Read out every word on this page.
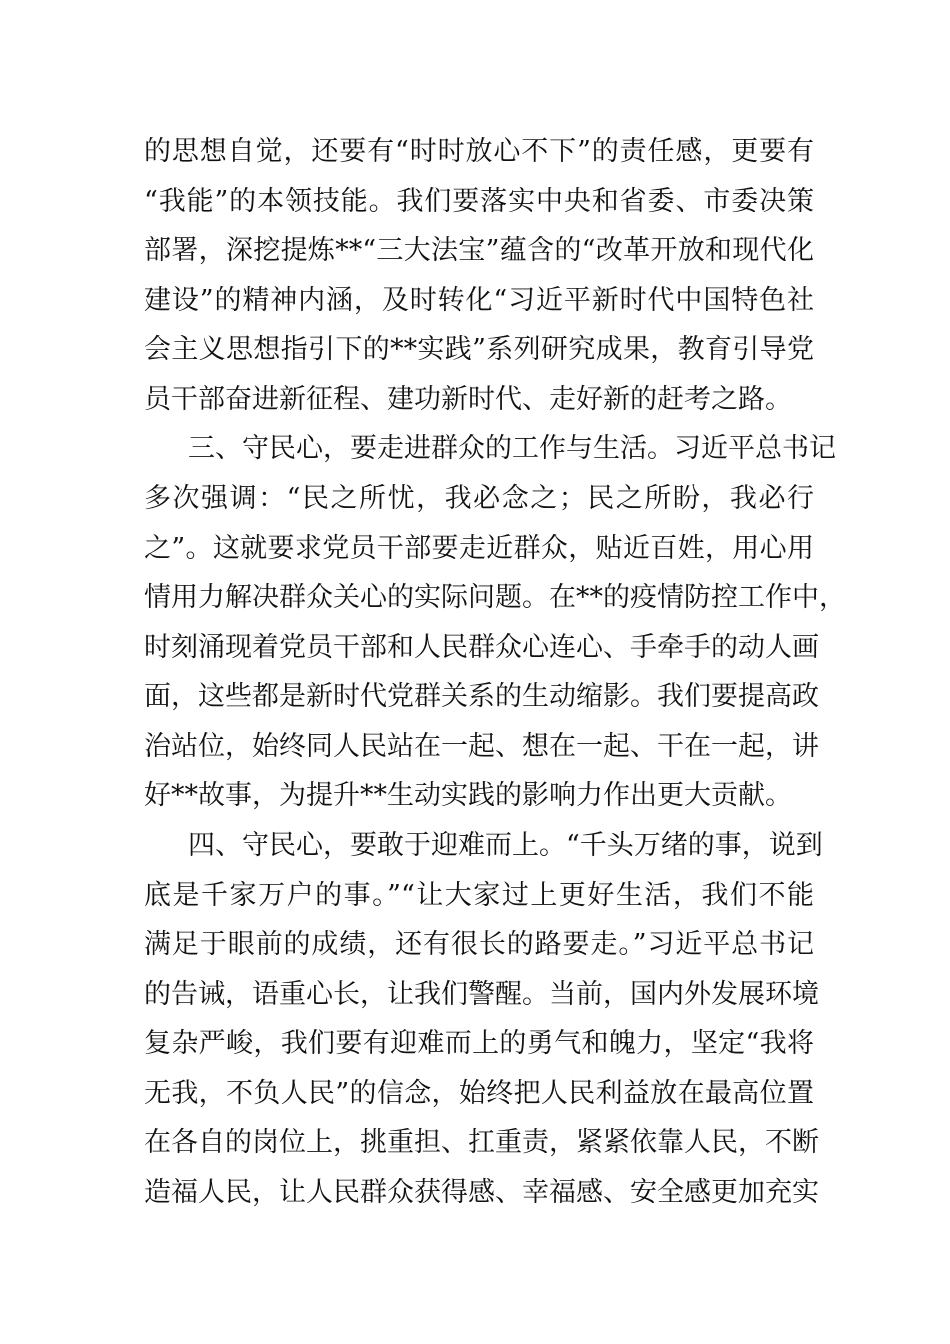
的思想自觉，还要有“时时放心不下”的责任感，更要有

“我能”的本领技能。我们要落实中央和省委、市委决策

部署，深挖提炼**“三大法宝”蕴含的“改革开放和现代化

建设”的精神内涵，及时转化“习近平新时代中国特色社

会主义思想指引下的**实践”系列研究成果，教育引导党

员干部奋进新征程、建功新时代、走好新的赶考之路。

三、守民心，要走进群众的工作与生活。习近平总书记

多次强调：“民之所忧，我必念之；民之所盼，我必行

之”。这就要求党员干部要走近群众，贴近百姓，用心用

情用力解决群众关心的实际问题。在**的疫情防控工作中，

时刻涌现着党员干部和人民群众心连心、手牵手的动人画

面，这些都是新时代党群关系的生动缩影。我们要提高政

治站位，始终同人民站在一起、想在一起、干在一起，讲

好**故事，为提升**生动实践的影响力作出更大贡献。

四、守民心，要敢于迎难而上。“千头万绪的事，说到

底是千家万户的事。”“让大家过上更好生活，我们不能

满足于眼前的成绩，还有很长的路要走。”习近平总书记

的告诫，语重心长，让我们警醒。当前，国内外发展环境

复杂严峻，我们要有迎难而上的勇气和魄力，坚定“我将

无我，不负人民”的信念，始终把人民利益放在最高位置

在各自的岗位上，挑重担、扛重责，紧紧依靠人民，不断

造福人民，让人民群众获得感、幸福感、安全感更加充实
